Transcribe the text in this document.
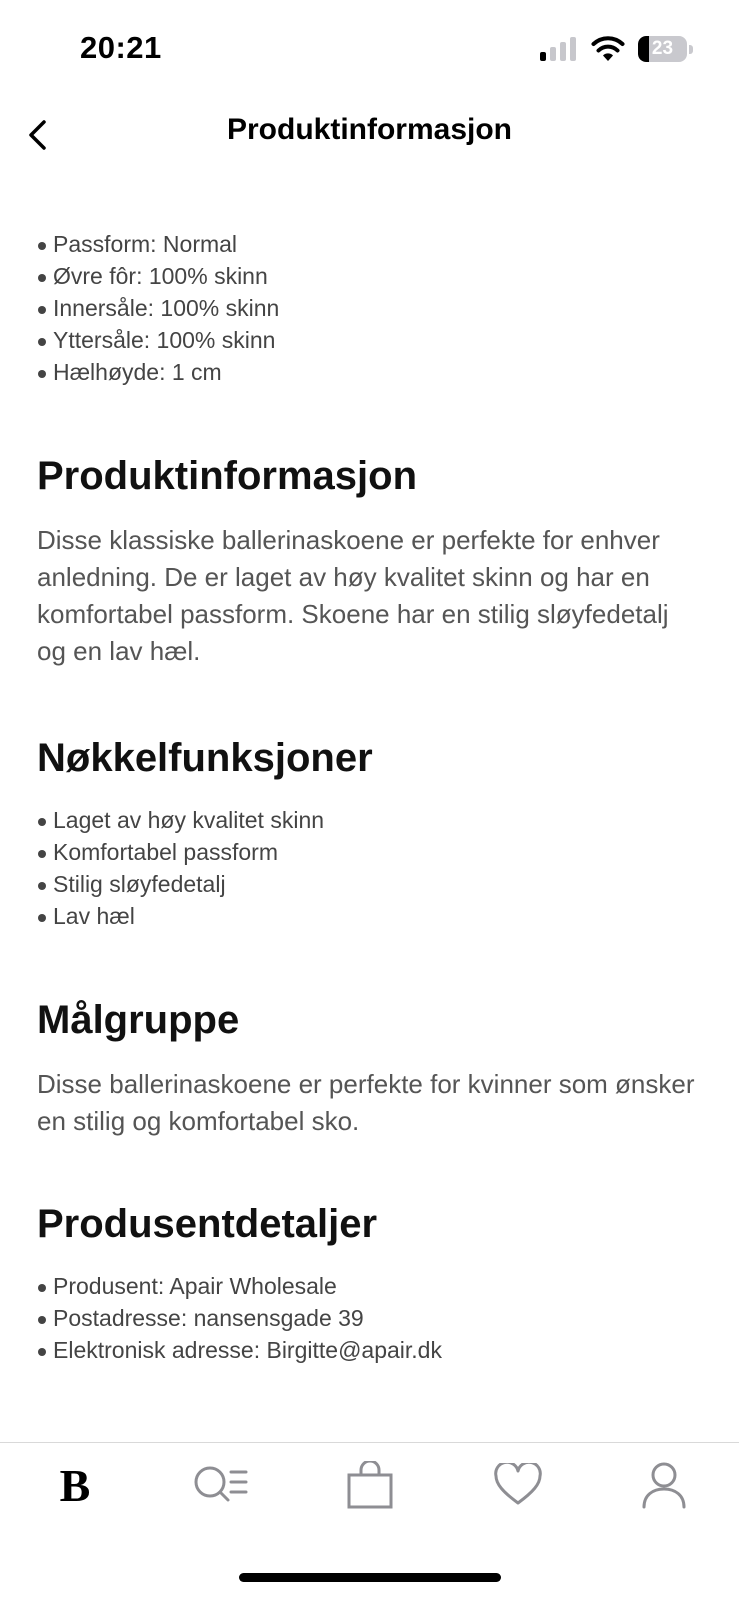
20:21	23
Produktinformasjon
Passform: Normal
Øvre fôr: 100% skinn
Innersåle: 100% skinn
Yttersåle: 100% skinn
Hælhøyde: 1 cm
Produktinformasjon

Disse klassiske ballerinaskoene er perfekte for enhver anledning. De er laget av høy kvalitet skinn og har en komfortabel passform. Skoene har en stilig sløyfedetalj og en lav hæl.

Nøkkelfunksjoner
Laget av høy kvalitet skinn
Komfortabel passform
Stilig sløyfedetalj
Lav hæl
Målgruppe

Disse ballerinaskoene er perfekte for kvinner som ønsker en stilig og komfortabel sko.

Produsentdetaljer
Produsent: Apair Wholesale
Postadresse: nansensgade 39
Elektronisk adresse: Birgitte@apair.dk
B
